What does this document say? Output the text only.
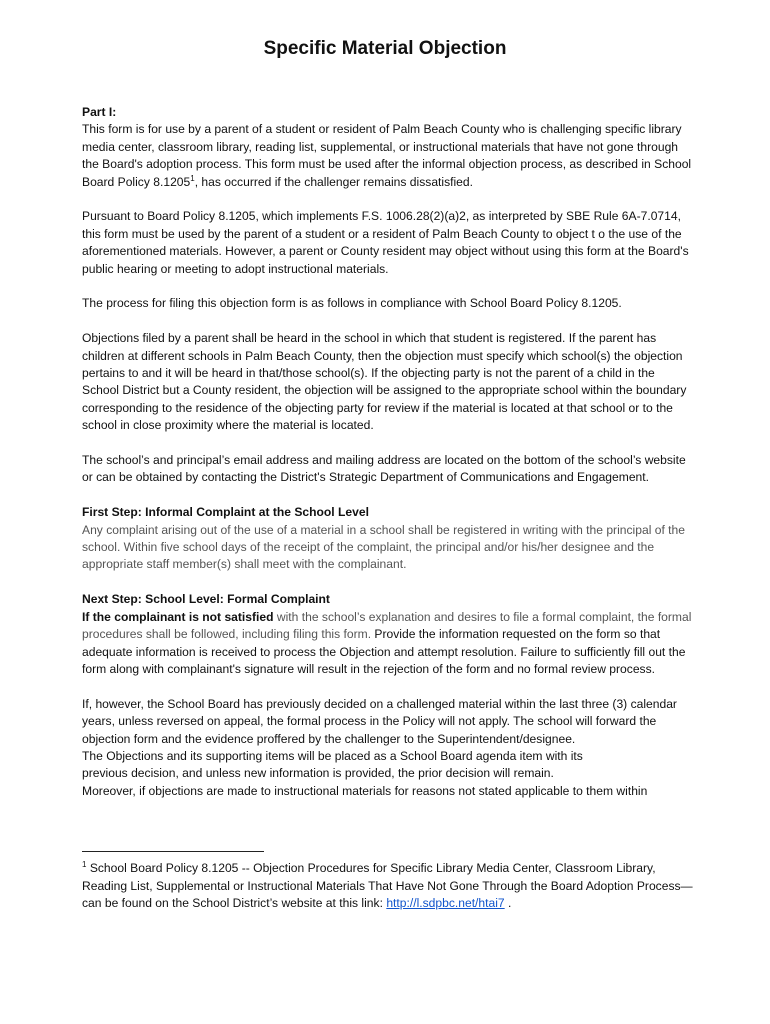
Specific Material Objection

Part I:
This form is for use by a parent of a student or resident of Palm Beach County who is challenging specific library media center, classroom library, reading list, supplemental, or instructional materials that have not gone through the Board's adoption process. This form must be used after the informal objection process, as described in School Board Policy 8.1205$^1$, has occurred if the challenger remains dissatisfied.

Pursuant to Board Policy 8.1205, which implements F.S. 1006.28(2)(a)2, as interpreted by SBE Rule 6A-7.0714, this form must be used by the parent of a student or a resident of Palm Beach County to object t o the use of the aforementioned materials. However, a parent or County resident may object without using this form at the Board's public hearing or meeting to adopt instructional materials.

The process for filing this objection form is as follows in compliance with School Board Policy 8.1205.

Objections filed by a parent shall be heard in the school in which that student is registered. If the parent has children at different schools in Palm Beach County, then the objection must specify which school(s) the objection pertains to and it will be heard in that/those school(s). If the objecting party is not the parent of a child in the School District but a County resident, the objection will be assigned to the appropriate school within the boundary corresponding to the residence of the objecting party for review if the material is located at that school or to the school in close proximity where the material is located.

The school’s and principal’s email address and mailing address are located on the bottom of the school’s website or can be obtained by contacting the District's Strategic Department of Communications and Engagement.

First Step: Informal Complaint at the School Level
Any complaint arising out of the use of a material in a school shall be registered in writing with the principal of the school. Within five school days of the receipt of the complaint, the principal and/or his/her designee and the appropriate staff member(s) shall meet with the complainant.

Next Step: School Level: Formal Complaint
If the complainant is not satisfied with the school’s explanation and desires to file a formal complaint, the formal procedures shall be followed, including filing this form. Provide the information requested on the form so that adequate information is received to process the Objection and attempt resolution. Failure to sufficiently fill out the form along with complainant's signature will result in the rejection of the form and no formal review process.

If, however, the School Board has previously decided on a challenged material within the last three (3) calendar years, unless reversed on appeal, the formal process in the Policy will not apply. The school will forward the objection form and the evidence proffered by the challenger to the Superintendent/designee.
The Objections and its supporting items will be placed as a School Board agenda item with its
previous decision, and unless new information is provided, the prior decision will remain.
Moreover, if objections are made to instructional materials for reasons not stated applicable to them within

$^1$ School Board Policy 8.1205 -- Objection Procedures for Specific Library Media Center, Classroom Library, Reading List, Supplemental or Instructional Materials That Have Not Gone Through the Board Adoption Process—can be found on the School District’s website at this link: http://l.sdpbc.net/htai7 .
